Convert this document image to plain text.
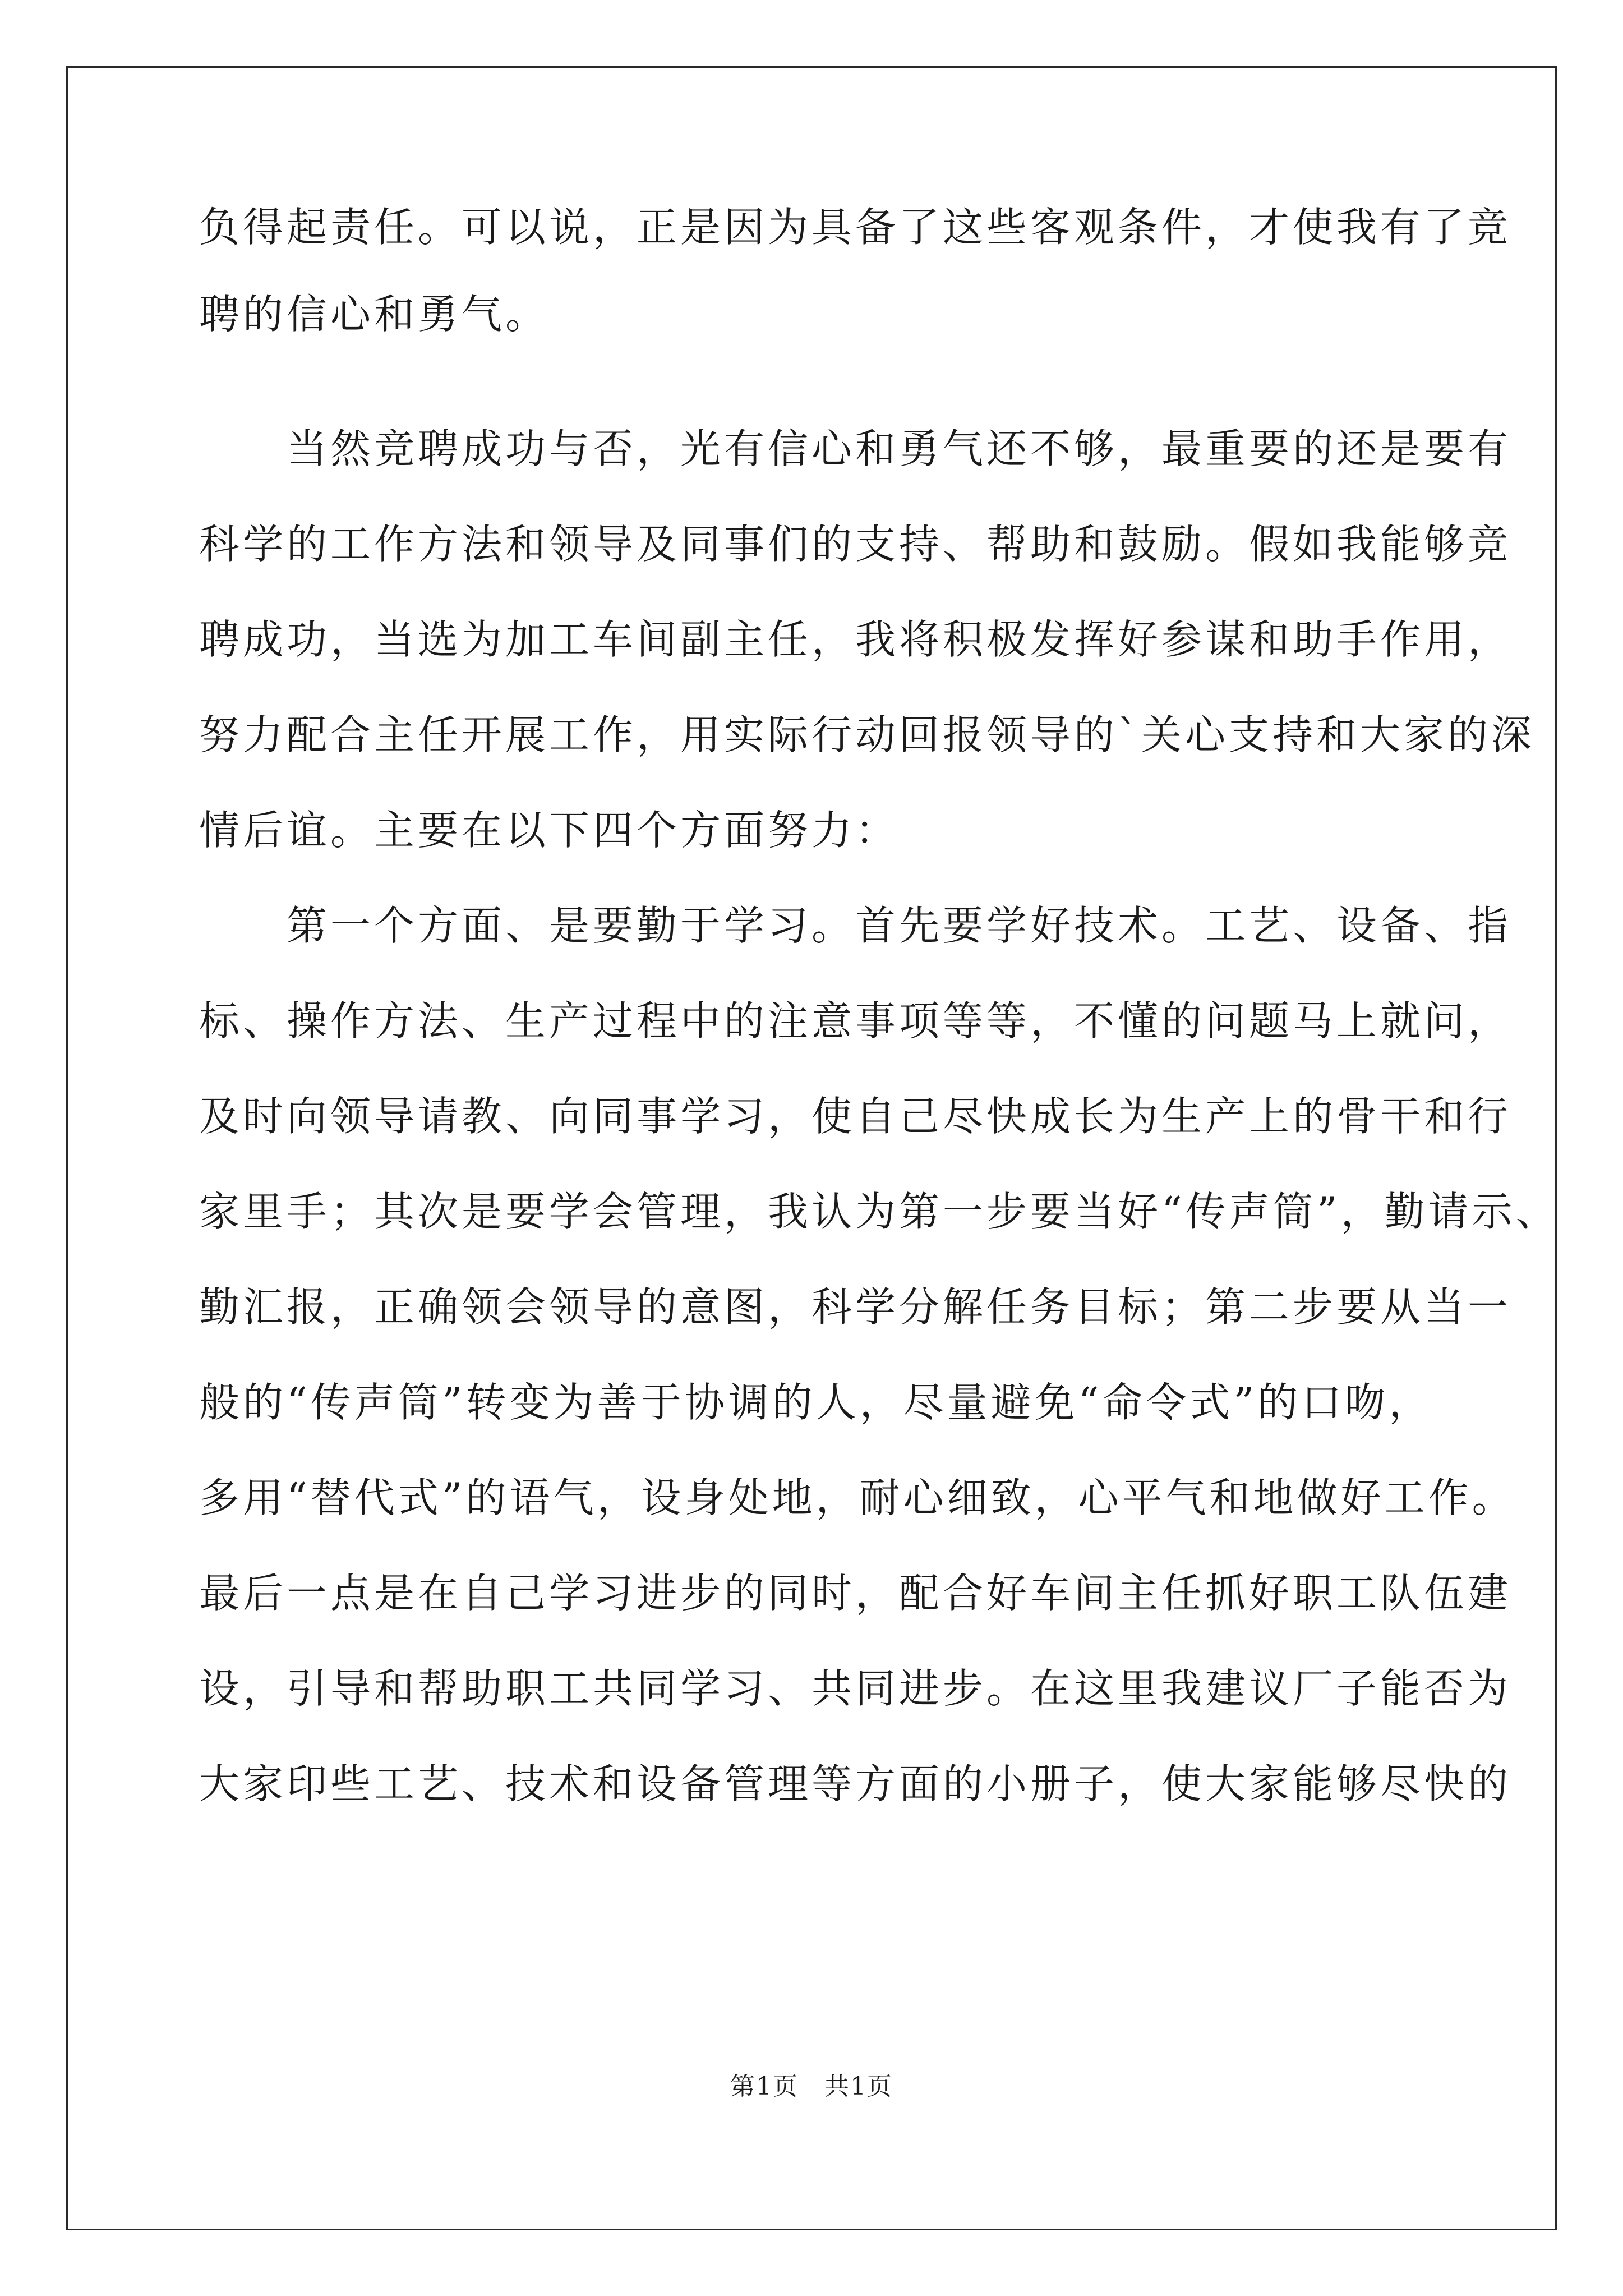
负得起责任。可以说，正是因为具备了这些客观条件，才使我有了竞
聘的信心和勇气。
　　当然竞聘成功与否，光有信心和勇气还不够，最重要的还是要有
科学的工作方法和领导及同事们的支持、帮助和鼓励。假如我能够竞
聘成功，当选为加工车间副主任，我将积极发挥好参谋和助手作用，
努力配合主任开展工作，用实际行动回报领导的`关心支持和大家的深
情后谊。主要在以下四个方面努力：
　　第一个方面、是要勤于学习。首先要学好技术。工艺、设备、指
标、操作方法、生产过程中的注意事项等等，不懂的问题马上就问，
及时向领导请教、向同事学习，使自己尽快成长为生产上的骨干和行
家里手；其次是要学会管理，我认为第一步要当好“传声筒”，勤请示、
勤汇报，正确领会领导的意图，科学分解任务目标；第二步要从当一
般的“传声筒”转变为善于协调的人，尽量避免“命令式”的口吻，
多用“替代式”的语气，设身处地，耐心细致，心平气和地做好工作。
最后一点是在自己学习进步的同时，配合好车间主任抓好职工队伍建
设，引导和帮助职工共同学习、共同进步。在这里我建议厂子能否为
大家印些工艺、技术和设备管理等方面的小册子，使大家能够尽快的
第1页 共1页
